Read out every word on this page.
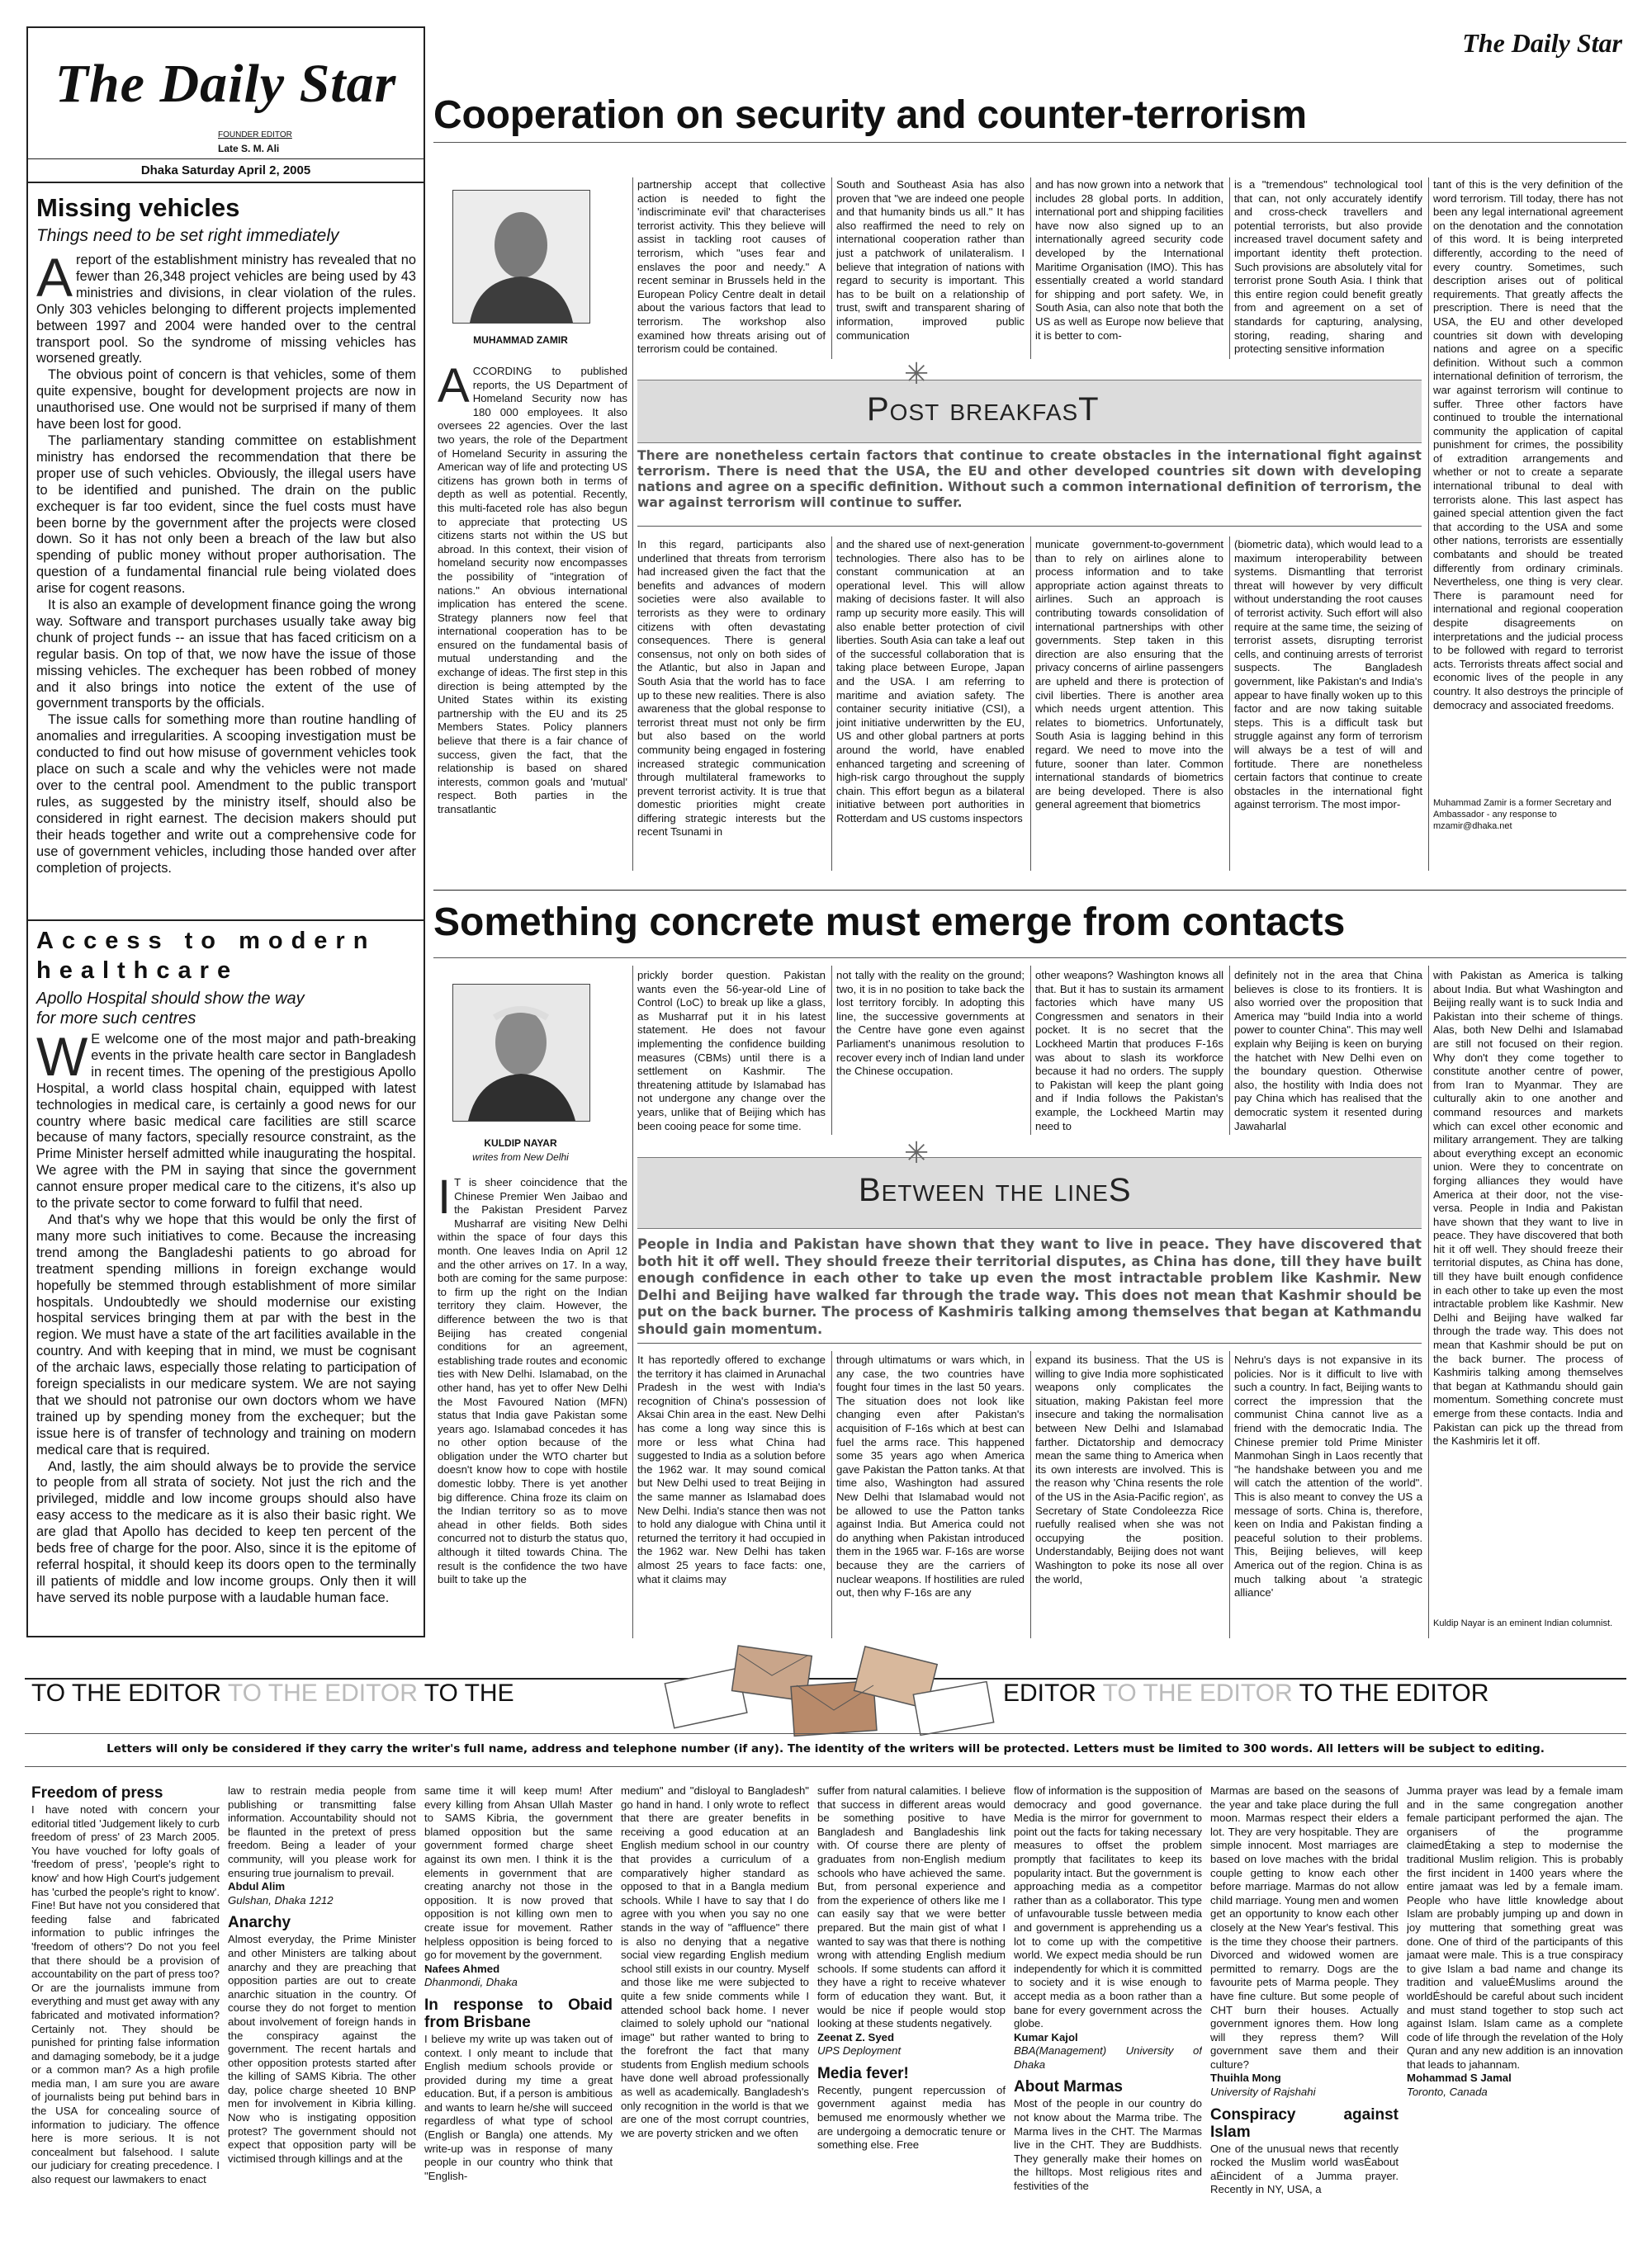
The Daily Star
FOUNDER EDITOR
Late S. M. Ali
Dhaka Saturday April 2, 2005
Missing vehicles
Things need to be set right immediately
A report of the establishment ministry has revealed that no fewer than 26,348 project vehicles are being used by 43 ministries and divisions, in clear violation of the rules. Only 303 vehicles belonging to different projects implemented between 1997 and 2004 were handed over to the central transport pool. So the syndrome of missing vehicles has worsened greatly.

The obvious point of concern is that vehicles, some of them quite expensive, bought for development projects are now in unauthorised use. One would not be surprised if many of them have been lost for good.

The parliamentary standing committee on establishment ministry has endorsed the recommendation that there be proper use of such vehicles. Obviously, the illegal users have to be identified and punished. The drain on the public exchequer is far too evident, since the fuel costs must have been borne by the government after the projects were closed down. So it has not only been a breach of the law but also spending of public money without proper authorisation. The question of a fundamental financial rule being violated does arise for cogent reasons.

It is also an example of development finance going the wrong way. Software and transport purchases usually take away big chunk of project funds -- an issue that has faced criticism on a regular basis. On top of that, we now have the issue of those missing vehicles. The exchequer has been robbed of money and it also brings into notice the extent of the use of government transports by the officials.

The issue calls for something more than routine handling of anomalies and irregularities. A scooping investigation must be conducted to find out how misuse of government vehicles took place on such a scale and why the vehicles were not made over to the central pool. Amendment to the public transport rules, as suggested by the ministry itself, should also be considered in right earnest. The decision makers should put their heads together and write out a comprehensive code for use of government vehicles, including those handed over after completion of projects.

Access to modern healthcare
Apollo Hospital should show the way for more such centres
W E welcome one of the most major and path-breaking events in the private health care sector in Bangladesh in recent times. The opening of the prestigious Apollo Hospital, a world class hospital chain, equipped with latest technologies in medical care, is certainly a good news for our country where basic medical care facilities are still scarce because of many factors, specially resource constraint, as the Prime Minister herself admitted while inaugurating the hospital. We agree with the PM in saying that since the government cannot ensure proper medical care to the citizens, it's also up to the private sector to come forward to fulfil that need.

And that's why we hope that this would be only the first of many more such initiatives to come. Because the increasing trend among the Bangladeshi patients to go abroad for treatment spending millions in foreign exchange would hopefully be stemmed through establishment of more similar hospitals. Undoubtedly we should modernise our existing hospital services bringing them at par with the best in the region. We must have a state of the art facilities available in the country. And with keeping that in mind, we must be cognisant of the archaic laws, especially those relating to participation of foreign specialists in our medicare system. We are not saying that we should not patronise our own doctors whom we have trained up by spending money from the exchequer; but the issue here is of transfer of technology and training on modern medical care that is required.

And, lastly, the aim should always be to provide the service to people from all strata of society. Not just the rich and the privileged, middle and low income groups should also have easy access to the medicare as it is also their basic right. We are glad that Apollo has decided to keep ten percent of the beds free of charge for the poor. Also, since it is the epitome of referral hospital, it should keep its doors open to the terminally ill patients of middle and low income groups. Only then it will have served its noble purpose with a laudable human face.

The Daily Star
Cooperation on security and counter-terrorism
MUHAMMAD ZAMIR
A CCORDING to published reports, the US Department of Homeland Security now has 180 000 employees. It also oversees 22 agencies. Over the last two years, the role of the Department of Homeland Security in assuring the American way of life and protecting US citizens has grown both in terms of depth as well as potential. Recently, this multi-faceted role has also begun to appreciate that protecting US citizens starts not within the US but abroad. In this context, their vision of homeland security now encompasses the possibility of "integration of nations." An obvious international implication has entered the scene. Strategy planners now feel that international cooperation has to be ensured on the fundamental basis of mutual understanding and the exchange of ideas. The first step in this direction is being attempted by the United States within its existing partnership with the EU and its 25 Members States. Policy planners believe that there is a fair chance of success, given the fact, that the relationship is based on shared interests, common goals and 'mutual' respect. Both parties in the transatlantic
partnership accept that collective action is needed to fight the 'indiscriminate evil' that characterises terrorist activity. This they believe will assist in tackling root causes of terrorism, which "uses fear and enslaves the poor and needy." A recent seminar in Brussels held in the European Policy Centre dealt in detail about the various factors that lead to terrorism. The workshop also examined how threats arising out of terrorism could be contained.
South and Southeast Asia has also proven that "we are indeed one people and that humanity binds us all." It has also reaffirmed the need to rely on international cooperation rather than just a patchwork of unilateralism. I believe that integration of nations with regard to security is important. This has to be built on a relationship of trust, swift and transparent sharing of information, improved public communication
and has now grown into a network that includes 28 global ports. In addition, international port and shipping facilities have now also signed up to an internationally agreed security code developed by the International Maritime Organisation (IMO). This has essentially created a world standard for shipping and port safety. We, in South Asia, can also note that both the US as well as Europe now believe that it is better to com-
is a "tremendous" technological tool that can, not only accurately identify and cross-check travellers and potential terrorists, but also provide increased travel document safety and important identity theft protection. Such provisions are absolutely vital for terrorist prone South Asia. I think that this entire region could benefit greatly from and agreement on a set of standards for capturing, analysing, storing, reading, sharing and protecting sensitive information
✳
Post breakfasT
There are nonetheless certain factors that continue to create obstacles in the international fight against terrorism. There is need that the USA, the EU and other developed countries sit down with developing nations and agree on a specific definition. Without such a common international definition of terrorism, the war against terrorism will continue to suffer.
In this regard, participants also underlined that threats from terrorism had increased given the fact that the benefits and advances of modern societies were also available to terrorists as they were to ordinary citizens with often devastating consequences. There is general consensus, not only on both sides of the Atlantic, but also in Japan and South Asia that the world has to face up to these new realities. There is also awareness that the global response to terrorist threat must not only be firm but also based on the world community being engaged in fostering increased strategic communication through multilateral frameworks to prevent terrorist activity. It is true that domestic priorities might create differing strategic interests but the recent Tsunami in
and the shared use of next-generation technologies. There also has to be constant communication at an operational level. This will allow making of decisions faster. It will also ramp up security more easily. This will also enable better protection of civil liberties. South Asia can take a leaf out of the successful collaboration that is taking place between Europe, Japan and the USA. I am referring to maritime and aviation safety. The container security initiative (CSI), a joint initiative underwritten by the EU, US and other global partners at ports around the world, have enabled enhanced targeting and screening of high-risk cargo throughout the supply chain. This effort begun as a bilateral initiative between port authorities in Rotterdam and US customs inspectors
municate government-to-government than to rely on airlines alone to process information and to take appropriate action against threats to airlines. Such an approach is contributing towards consolidation of international partnerships with other governments. Step taken in this direction are also ensuring that the privacy concerns of airline passengers are upheld and there is protection of civil liberties. There is another area which needs urgent attention. This relates to biometrics. Unfortunately, South Asia is lagging behind in this regard. We need to move into the future, sooner than later. Common international standards of biometrics are being developed. There is also general agreement that biometrics
(biometric data), which would lead to a maximum interoperability between systems. Dismantling that terrorist threat will however by very difficult without understanding the root causes of terrorist activity. Such effort will also require at the same time, the seizing of terrorist assets, disrupting terrorist cells, and continuing arrests of terrorist suspects. The Bangladesh government, like Pakistan's and India's appear to have finally woken up to this factor and are now taking suitable steps. This is a difficult task but struggle against any form of terrorism will always be a test of will and fortitude. There are nonetheless certain factors that continue to create obstacles in the international fight against terrorism. The most impor-
tant of this is the very definition of the word terrorism. Till today, there has not been any legal international agreement on the denotation and the connotation of this word. It is being interpreted differently, according to the need of every country. Sometimes, such description arises out of political requirements. That greatly affects the prescription. There is need that the USA, the EU and other developed countries sit down with developing nations and agree on a specific definition. Without such a common international definition of terrorism, the war against terrorism will continue to suffer. Three other factors have continued to trouble the international community the application of capital punishment for crimes, the possibility of extradition arrangements and whether or not to create a separate international tribunal to deal with terrorists alone. This last aspect has gained special attention given the fact that according to the USA and some other nations, terrorists are essentially combatants and should be treated differently from ordinary criminals. Nevertheless, one thing is very clear. There is paramount need for international and regional cooperation despite disagreements on interpretations and the judicial process to be followed with regard to terrorist acts. Terrorists threats affect social and economic lives of the people in any country. It also destroys the principle of democracy and associated freedoms.
Muhammad Zamir is a former Secretary and Ambassador - any response to mzamir@dhaka.net
Something concrete must emerge from contacts
KULDIP NAYAR
writes from New Delhi
I T is sheer coincidence that the Chinese Premier Wen Jaibao and the Pakistan President Parvez Musharraf are visiting New Delhi within the space of four days this month. One leaves India on April 12 and the other arrives on 17. In a way, both are coming for the same purpose: to firm up the right on the Indian territory they claim. However, the difference between the two is that Beijing has created congenial conditions for an agreement, establishing trade routes and economic ties with New Delhi. Islamabad, on the other hand, has yet to offer New Delhi the Most Favoured Nation (MFN) status that India gave Pakistan some years ago. Islamabad concedes it has no other option because of the obligation under the WTO charter but doesn't know how to cope with hostile domestic lobby. There is yet another big difference. China froze its claim on the Indian territory so as to move ahead in other fields. Both sides concurred not to disturb the status quo, although it tilted towards China. The result is the confidence the two have built to take up the
prickly border question. Pakistan wants even the 56-year-old Line of Control (LoC) to break up like a glass, as Musharraf put it in his latest statement. He does not favour implementing the confidence building measures (CBMs) until there is a settlement on Kashmir. The threatening attitude by Islamabad has not undergone any change over the years, unlike that of Beijing which has been cooing peace for some time.
not tally with the reality on the ground; two, it is in no position to take back the lost territory forcibly. In adopting this line, the successive governments at the Centre have gone even against Parliament's unanimous resolution to recover every inch of Indian land under the Chinese occupation.
other weapons? Washington knows all that. But it has to sustain its armament factories which have many US Congressmen and senators in their pocket. It is no secret that the Lockheed Martin that produces F-16s was about to slash its workforce because it had no orders. The supply to Pakistan will keep the plant going and if India follows the Pakistan's example, the Lockheed Martin may need to
definitely not in the area that China believes is close to its frontiers. It is also worried over the proposition that America may "build India into a world power to counter China". This may well explain why Beijing is keen on burying the hatchet with New Delhi even on the boundary question. Otherwise also, the hostility with India does not pay China which has realised that the democratic system it resented during Jawaharlal
✳
Between the lineS
People in India and Pakistan have shown that they want to live in peace. They have discovered that both hit it off well. They should freeze their territorial disputes, as China has done, till they have built enough confidence in each other to take up even the most intractable problem like Kashmir. New Delhi and Beijing have walked far through the trade way. This does not mean that Kashmir should be put on the back burner. The process of Kashmiris talking among themselves that began at Kathmandu should gain momentum.
It has reportedly offered to exchange the territory it has claimed in Arunachal Pradesh in the west with India's recognition of China's possession of Aksai Chin area in the east. New Delhi has come a long way since this is more or less what China had suggested to India as a solution before the 1962 war. It may sound comical but New Delhi used to treat Beijing in the same manner as Islamabad does New Delhi. India's stance then was not to hold any dialogue with China until it returned the territory it had occupied in the 1962 war. New Delhi has taken almost 25 years to face facts: one, what it claims may
through ultimatums or wars which, in any case, the two countries have fought four times in the last 50 years. The situation does not look like changing even after Pakistan's acquisition of F-16s which at best can fuel the arms race. This happened some 35 years ago when America gave Pakistan the Patton tanks. At that time also, Washington had assured New Delhi that Islamabad would not be allowed to use the Patton tanks against India. But America could not do anything when Pakistan introduced them in the 1965 war. F-16s are worse because they are the carriers of nuclear weapons. If hostilities are ruled out, then why F-16s are any
expand its business. That the US is willing to give India more sophisticated weapons only complicates the situation, making Pakistan feel more insecure and taking the normalisation between New Delhi and Islamabad farther. Dictatorship and democracy mean the same thing to America when its own interests are involved. This is the reason why 'China resents the role of the US in the Asia-Pacific region', as Secretary of State Condoleezza Rice ruefully realised when she was not occupying the position. Understandably, Beijing does not want Washington to poke its nose all over the world,
Nehru's days is not expansive in its policies. Nor is it difficult to live with such a country. In fact, Beijing wants to correct the impression that the communist China cannot live as a friend with the democratic India. The Chinese premier told Prime Minister Manmohan Singh in Laos recently that "he handshake between you and me will catch the attention of the world". This is also meant to convey the US a message of sorts. China is, therefore, keen on India and Pakistan finding a peaceful solution to their problems. This, Beijing believes, will keep America out of the region. China is as much talking about 'a strategic alliance'
with Pakistan as America is talking about India. But what Washington and Beijing really want is to suck India and Pakistan into their scheme of things. Alas, both New Delhi and Islamabad are still not focused on their region. Why don't they come together to constitute another centre of power, from Iran to Myanmar. They are culturally akin to one another and command resources and markets which can excel other economic and military arrangement. They are talking about everything except an economic union. Were they to concentrate on forging alliances they would have America at their door, not the vise-versa. People in India and Pakistan have shown that they want to live in peace. They have discovered that both hit it off well. They should freeze their territorial disputes, as China has done, till they have built enough confidence in each other to take up even the most intractable problem like Kashmir. New Delhi and Beijing have walked far through the trade way. This does not mean that Kashmir should be put on the back burner. The process of Kashmiris talking among themselves that began at Kathmandu should gain momentum. Something concrete must emerge from these contacts. India and Pakistan can pick up the thread from the Kashmiris let it off.
Kuldip Nayar is an eminent Indian columnist.
TO THE EDITOR TO THE EDITOR TO THE	EDITOR TO THE EDITOR TO THE EDITOR
Letters will only be considered if they carry the writer's full name, address and telephone number (if any). The identity of the writers will be protected. Letters must be limited to 300 words. All letters will be subject to editing.
Freedom of press
I have noted with concern your editorial titled 'Judgement likely to curb freedom of press' of 23 March 2005. You have vouched for lofty goals of 'freedom of press', 'people's right to know' and how High Court's judgement has 'curbed the people's right to know'. Fine! But have not you considered that feeding false and fabricated information to public infringes the 'freedom of others'? Do not you feel that there should be a provision of accountability on the part of press too? Or are the journalists immune from everything and must get away with any fabricated and motivated information? Certainly not. They should be punished for printing false information and damaging somebody, be it a judge or a common man? As a high profile media man, I am sure you are aware of journalists being put behind bars in the USA for concealing source of information to judiciary. The offence here is more serious. It is not concealment but falsehood. I salute our judiciary for creating precedence. I also request our lawmakers to enact
law to restrain media people from publishing or transmitting false information. Accountability should not be flaunted in the pretext of press freedom. Being a leader of your community, will you please work for ensuring true journalism to prevail.
Abdul Alim
Gulshan, Dhaka 1212
Anarchy
Almost everyday, the Prime Minister and other Ministers are talking about anarchy and they are preaching that opposition parties are out to create anarchic situation in the country. Of course they do not forget to mention about involvement of foreign hands in the conspiracy against the government. The recent hartals and other opposition protests started after the killing of SAMS Kibria. The other day, police charge sheeted 10 BNP men for involvement in Kibria killing. Now who is instigating opposition protest? The government should not expect that opposition party will be victimised through killings and at the
same time it will keep mum! After every killing from Ahsan Ullah Master to SAMS Kibria, the government blamed opposition but the same government formed charge sheet against its own men. I think it is the elements in government that are creating anarchy not those in the opposition. It is now proved that opposition is not killing own men to create issue for movement. Rather helpless opposition is being forced to go for movement by the government.
Nafees Ahmed
Dhanmondi, Dhaka
In response to Obaid from Brisbane
I believe my write up was taken out of context. I only meant to include that English medium schools provide or provided during my time a great education. But, if a person is ambitious and wants to learn he/she will succeed regardless of what type of school (English or Bangla) one attends. My write-up was in response of many people in our country who think that "English-
medium" and "disloyal to Bangladesh" go hand in hand. I only wrote to reflect that there are greater benefits in receiving a good education at an English medium school in our country that provides a curriculum of a comparatively higher standard as opposed to that in a Bangla medium schools. While I have to say that I do agree with you when you say no one stands in the way of "affluence" there is also no denying that a negative social view regarding English medium school still exists in our country. Myself and those like me were subjected to quite a few snide comments while I attended school back home. I never claimed to solely uphold our "national image" but rather wanted to bring to the forefront the fact that many students from English medium schools have done well abroad professionally as well as academically. Bangladesh's only recognition in the world is that we are one of the most corrupt countries, we are poverty stricken and we often
suffer from natural calamities. I believe that success in different areas would be something positive to have Bangladesh and Bangladeshis link with. Of course there are plenty of graduates from non-English medium schools who have achieved the same. But, from personal experience and from the experience of others like me I can easily say that we were better prepared. But the main gist of what I wanted to say was that there is nothing wrong with attending English medium schools. If some students can afford it they have a right to receive whatever form of education they want. But, it would be nice if people would stop looking at these students negatively.
Zeenat Z. Syed
UPS Deployment
Media fever!
Recently, pungent repercussion of government against media has bemused me enormously whether we are undergoing a democratic tenure or something else. Free
flow of information is the supposition of democracy and good governance. Media is the mirror for government to point out the facts for taking necessary measures to offset the problem promptly that facilitates to keep its popularity intact. But the government is approaching media as a competitor rather than as a collaborator. This type of unfavourable tussle between media and government is apprehending us a lot to come up with the competitive world. We expect media should be run independently for which it is committed to society and it is wise enough to accept media as a boon rather than a bane for every government across the globe.
Kumar Kajol
BBA(Management) University of Dhaka
About Marmas
Most of the people in our country do not know about the Marma tribe. The Marma lives in the CHT. The Marmas live in the CHT. They are Buddhists. They generally make their homes on the hilltops. Most religious rites and festivities of the
Marmas are based on the seasons of the year and take place during the full moon. Marmas respect their elders a lot. They are very hospitable. They are simple innocent. Most marriages are based on love maches with the bridal couple getting to know each other before marriage. Marmas do not allow child marriage. Young men and women get an opportunity to know each other closely at the New Year's festival. This is the time they choose their partners. Divorced and widowed women are permitted to remarry. Dogs are the favourite pets of Marma people. They have fine culture. But some people of CHT burn their houses. Actually government ignores them. How long will they repress them? Will government save them and their culture?
Thuihla Mong
University of Rajshahi
Conspiracy against Islam
One of the unusual news that recently rocked the Muslim world wasÉabout aÉincident of a Jumma prayer. Recently in NY, USA, a
Jumma prayer was lead by a female imam and in the same congregation another female participant performed the ajan. The organisers of the programme claimedÉtaking a step to modernise the traditional Muslim religion. This is probably the first incident in 1400 years where the entire jamaat was led by a female imam. People who have little knowledge about Islam are probably jumping up and down in joy muttering that something great was done. One of third of the participants of this jamaat were male. This is a true conspiracy to give Islam a bad name and change its tradition and valueÉMuslims around the worldÉshould be careful about such incident and must stand together to stop such act against Islam. Islam came as a complete code of life through the revelation of the Holy Quran and any new addition is an innovation that leads to jahannam.
Mohammad S Jamal
Toronto, Canada
